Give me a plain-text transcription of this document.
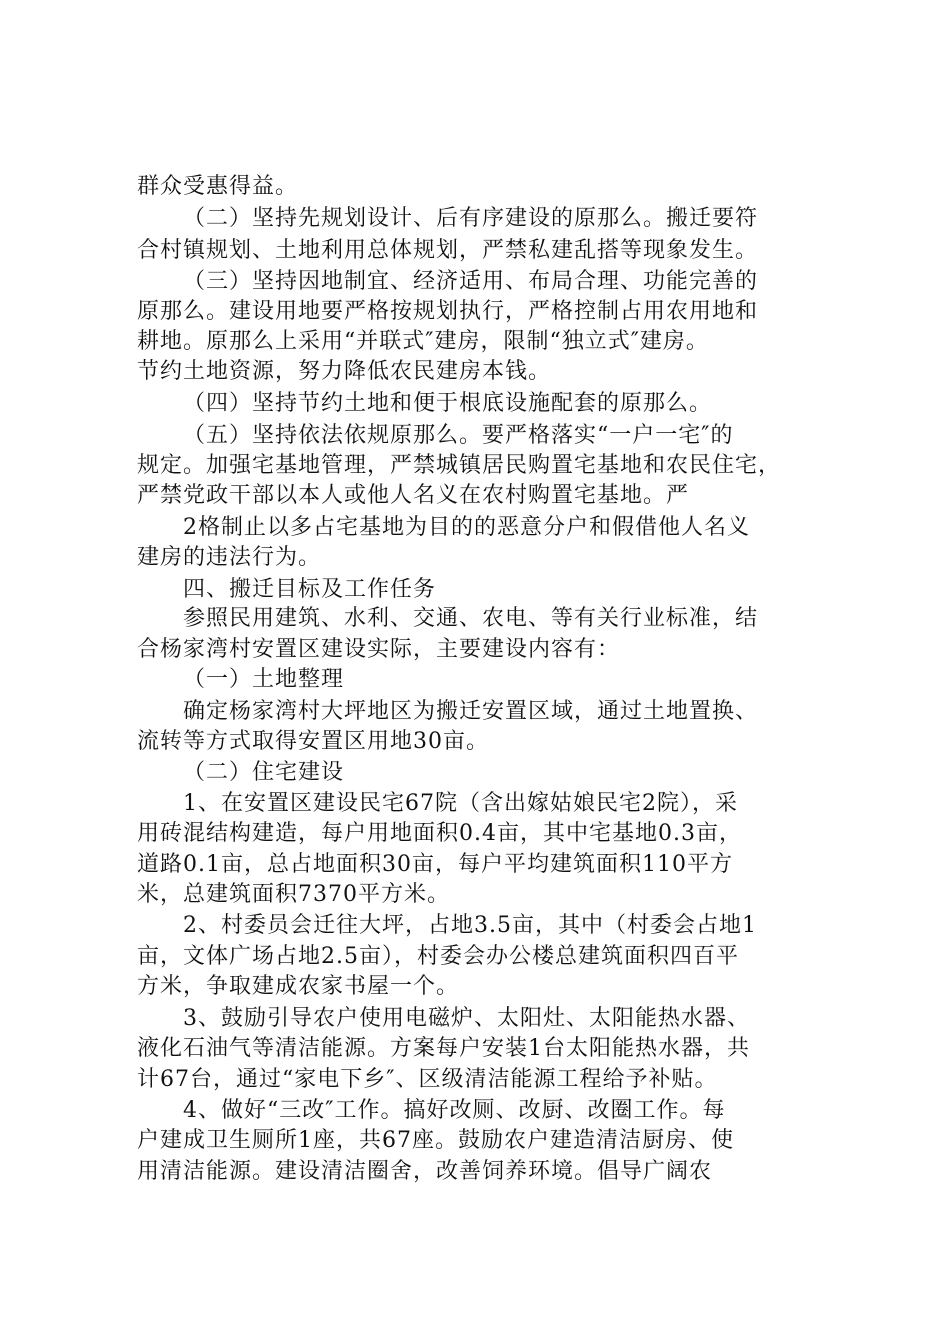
群众受惠得益。
（二）坚持先规划设计、后有序建设的原那么。搬迁要符
合村镇规划、土地利用总体规划，严禁私建乱搭等现象发生。
（三）坚持因地制宜、经济适用、布局合理、功能完善的
原那么。建设用地要严格按规划执行，严格控制占用农用地和
耕地。原那么上采用“并联式″建房，限制“独立式″建房。
节约土地资源，努力降低农民建房本钱。
（四）坚持节约土地和便于根底设施配套的原那么。
（五）坚持依法依规原那么。要严格落实“一户一宅″的
规定。加强宅基地管理，严禁城镇居民购置宅基地和农民住宅，
严禁党政干部以本人或他人名义在农村购置宅基地。严
2格制止以多占宅基地为目的的恶意分户和假借他人名义
建房的违法行为。
四、搬迁目标及工作任务
参照民用建筑、水利、交通、农电、等有关行业标准，结
合杨家湾村安置区建设实际，主要建设内容有：
（一）土地整理
确定杨家湾村大坪地区为搬迁安置区域，通过土地置换、
流转等方式取得安置区用地30亩。
（二）住宅建设
1、在安置区建设民宅67院（含出嫁姑娘民宅2院），采
用砖混结构建造，每户用地面积0.4亩，其中宅基地0.3亩，
道路0.1亩，总占地面积30亩，每户平均建筑面积110平方
米，总建筑面积7370平方米。
2、村委员会迁往大坪，占地3.5亩，其中（村委会占地1
亩，文体广场占地2.5亩），村委会办公楼总建筑面积四百平
方米，争取建成农家书屋一个。
3、鼓励引导农户使用电磁炉、太阳灶、太阳能热水器、
液化石油气等清洁能源。方案每户安装1台太阳能热水器，共
计67台，通过“家电下乡″、区级清洁能源工程给予补贴。
4、做好“三改″工作。搞好改厕、改厨、改圈工作。每
户建成卫生厕所1座，共67座。鼓励农户建造清洁厨房、使
用清洁能源。建设清洁圈舍，改善饲养环境。倡导广阔农
